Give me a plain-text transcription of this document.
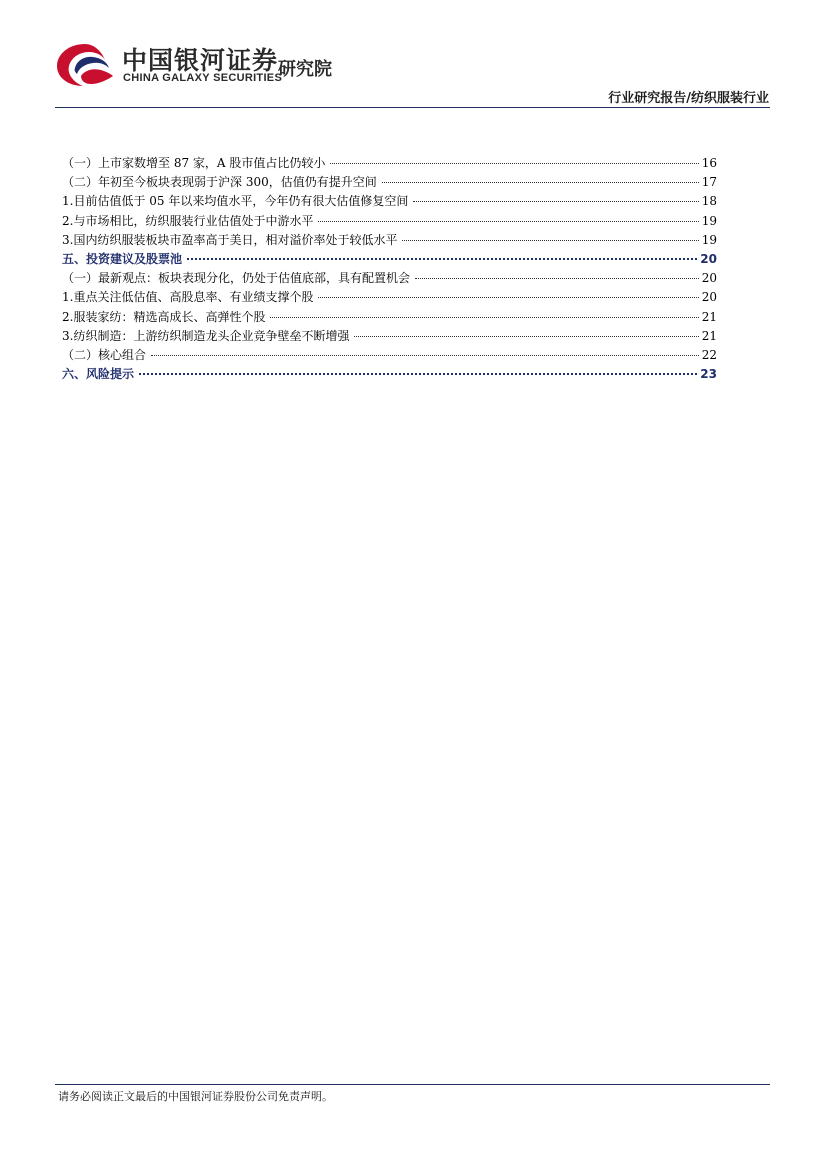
中国银河证券
CHINA GALAXY SECURITIES
研究院
行业研究报告/纺织服装行业
（一）上市家数增至 87 家，A 股市值占比仍较小	16
（二）年初至今板块表现弱于沪深 300，估值仍有提升空间	17
1.目前估值低于 05 年以来均值水平，今年仍有很大估值修复空间	18
2.与市场相比，纺织服装行业估值处于中游水平	19
3.国内纺织服装板块市盈率高于美日，相对溢价率处于较低水平	19
五、投资建议及股票池	20
（一）最新观点：板块表现分化，仍处于估值底部，具有配置机会	20
1.重点关注低估值、高股息率、有业绩支撑个股	20
2.服装家纺：精选高成长、高弹性个股	21
3.纺织制造：上游纺织制造龙头企业竞争壁垒不断增强	21
（二）核心组合	22
六、风险提示	23
请务必阅读正文最后的中国银河证券股份公司免责声明。
